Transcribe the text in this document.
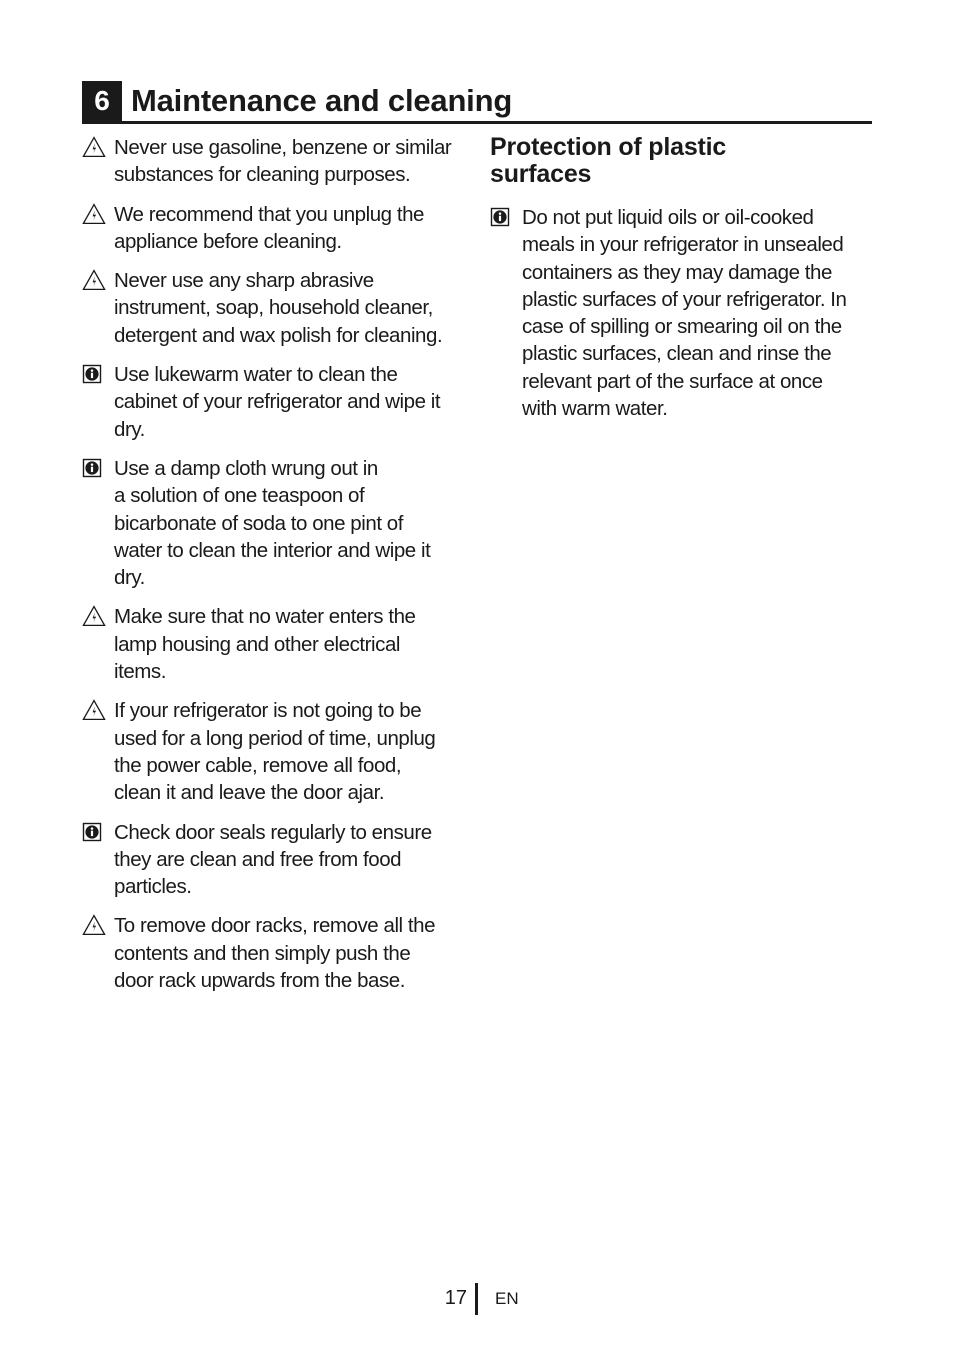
6 Maintenance and cleaning
Never use gasoline, benzene or similar
substances for cleaning purposes.
We recommend that you unplug the
appliance before cleaning.
Never use any sharp abrasive
instrument, soap, household cleaner,
detergent and wax polish for cleaning.
Use lukewarm water to clean the
cabinet of your refrigerator and wipe it
dry.
Use a damp cloth wrung out in
a solution of one teaspoon of
bicarbonate of soda to one pint of
water to clean the interior and wipe it
dry.
Make sure that no water enters the
lamp housing and other electrical
items.
If your refrigerator is not going to be
used for a long period of time, unplug
the power cable, remove all food,
clean it and leave the door ajar.
Check door seals regularly to ensure
they are clean and free from food
particles.
To remove door racks, remove all the
contents and then simply push the
door rack upwards from the base.
Protection of plastic
surfaces
Do not put liquid oils or oil-cooked
meals in your refrigerator in unsealed
containers as they may damage the
plastic surfaces of your refrigerator. In
case of spilling or smearing oil on the
plastic surfaces, clean and rinse the
relevant part of the surface at once
with warm water.
17 EN
